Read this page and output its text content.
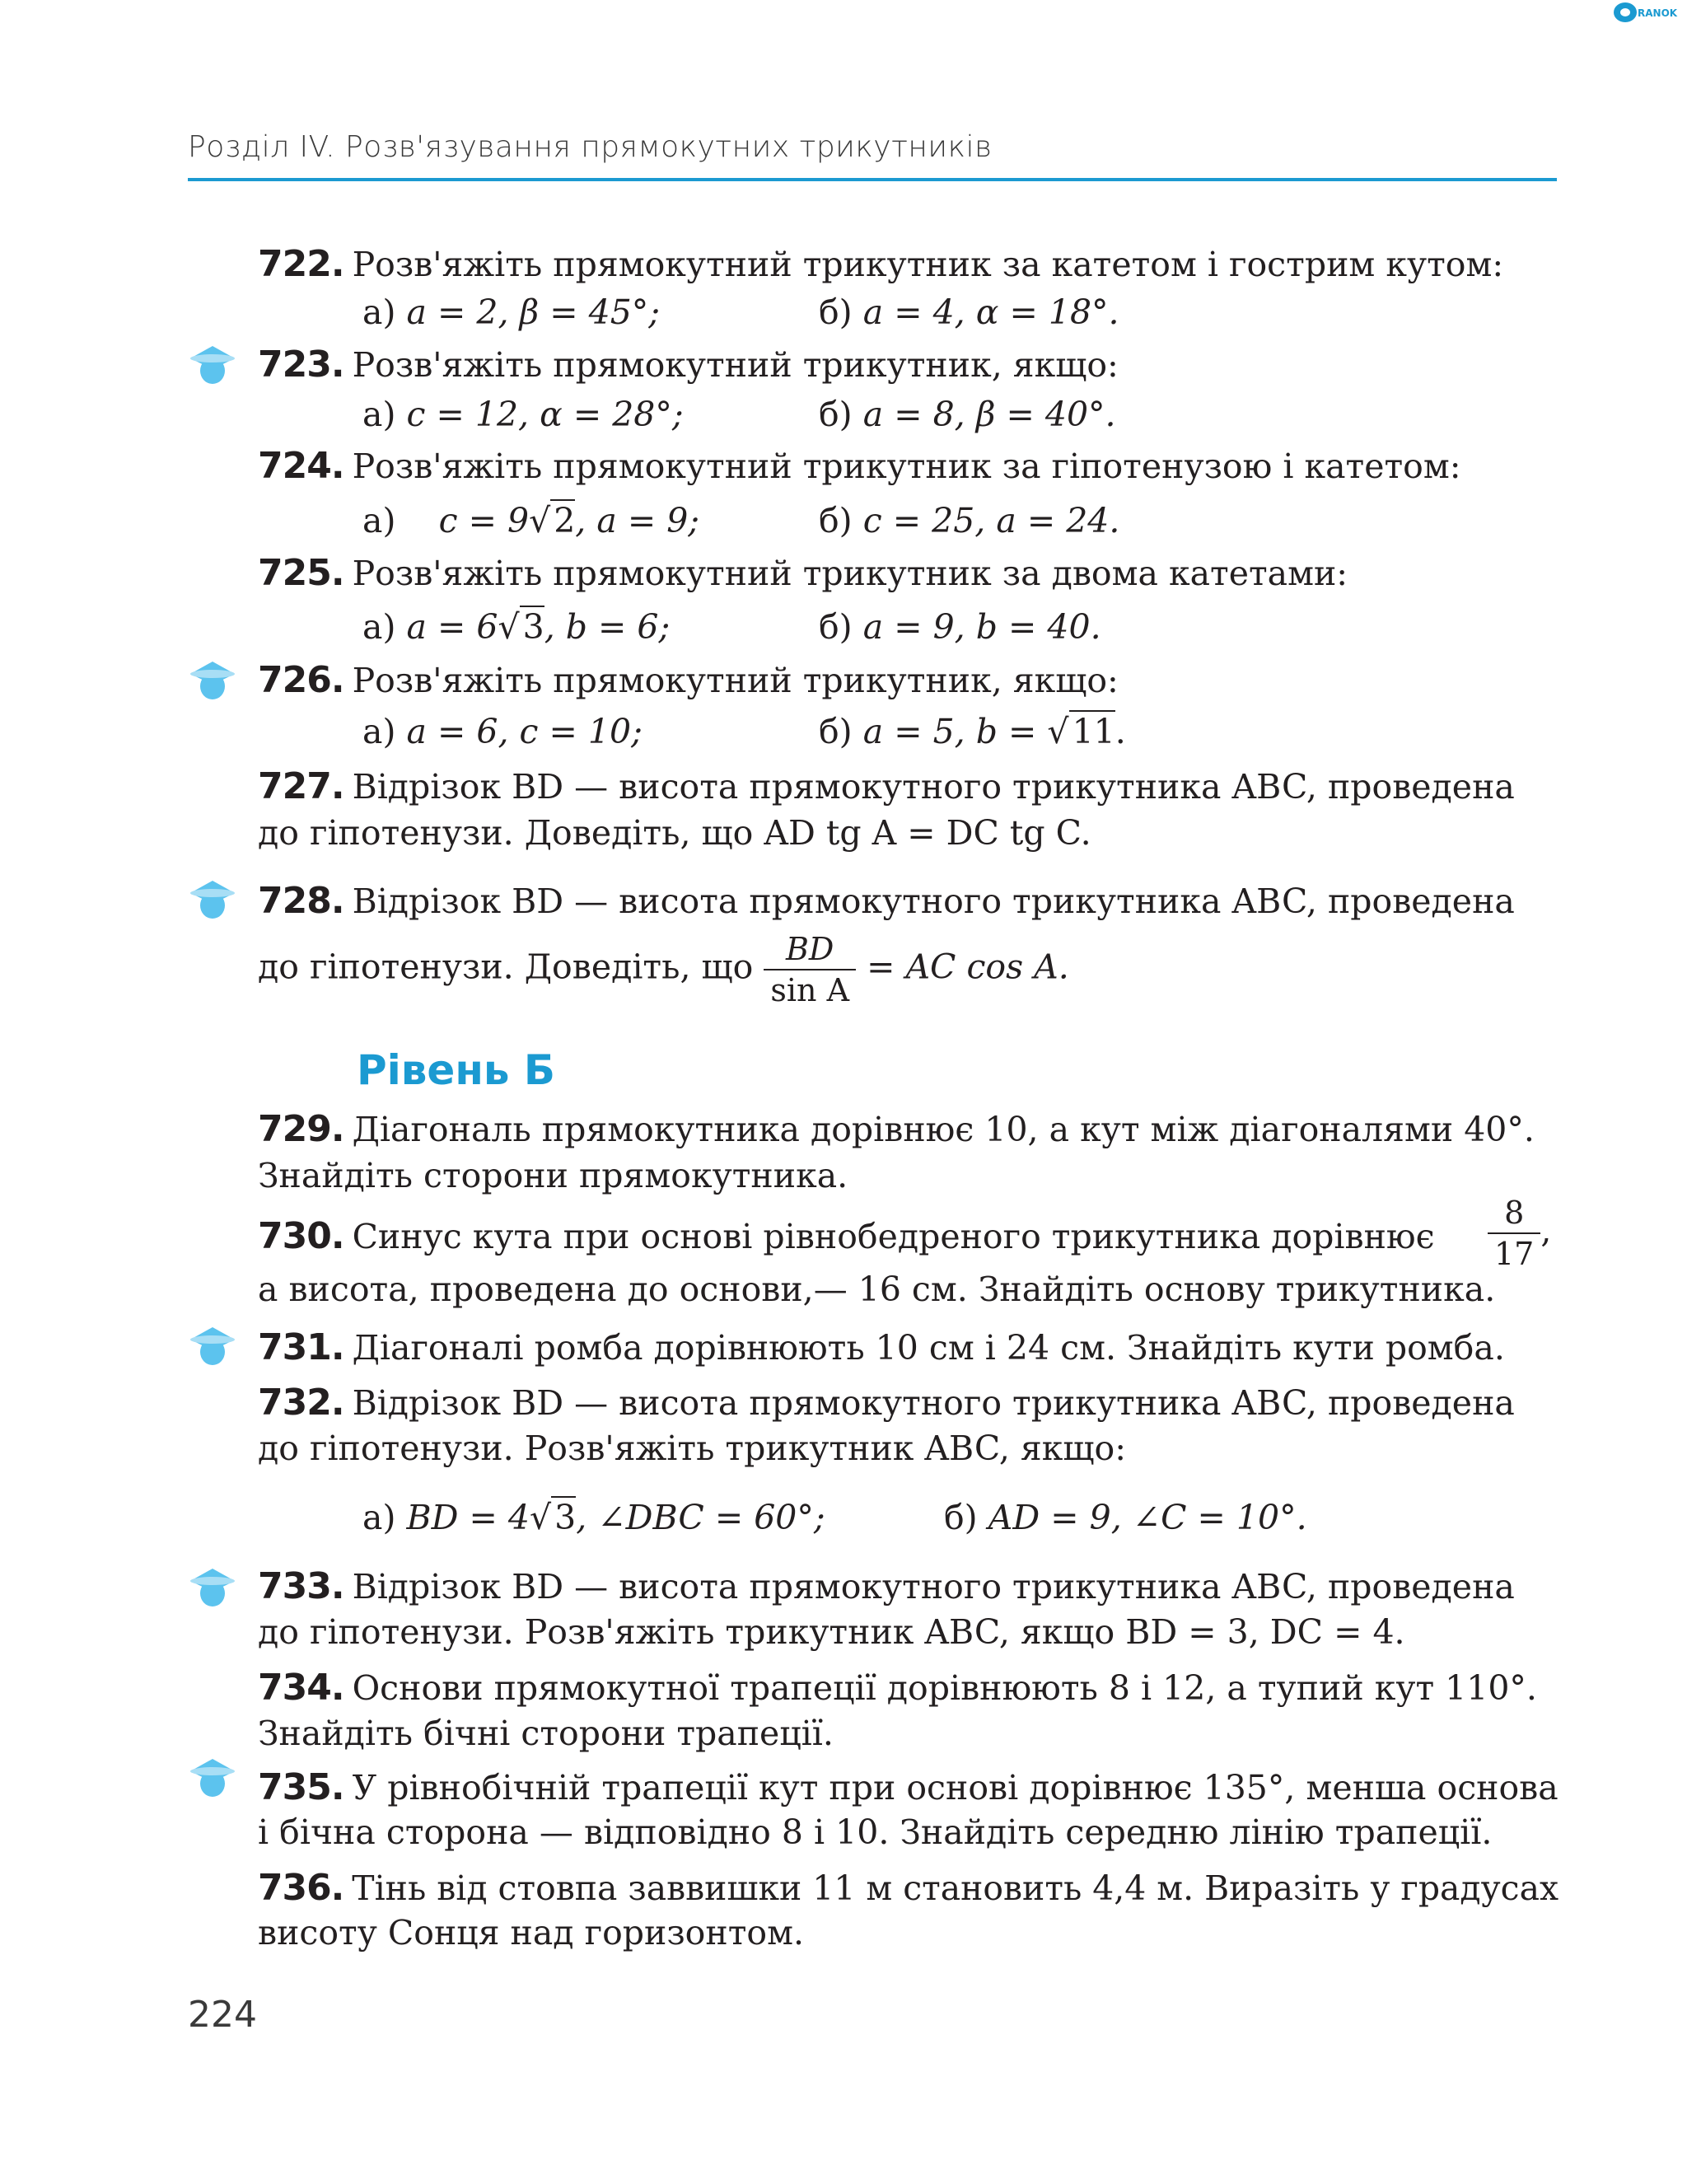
RANOK
Розділ IV. Розв'язування прямокутних трикутників
722. Розв'яжіть прямокутний трикутник за катетом і гострим кутом:
а) a = 2, β = 45°;	б) a = 4, α = 18°.
723. Розв'яжіть прямокутний трикутник, якщо:
а) c = 12, α = 28°;	б) a = 8, β = 40°.
724. Розв'яжіть прямокутний трикутник за гіпотенузою і катетом:
а) c = 9√2, a = 9;	б) c = 25, a = 24.
725. Розв'яжіть прямокутний трикутник за двома катетами:
а) a = 6√3, b = 6;	б) a = 9, b = 40.
726. Розв'яжіть прямокутний трикутник, якщо:
а) a = 6, c = 10;	б) a = 5, b = √11.
727. Відрізок BD — висота прямокутного трикутника ABC, проведена
до гіпотенузи. Доведіть, що AD tg A = DC tg C.
728. Відрізок BD — висота прямокутного трикутника ABC, проведена
до гіпотенузи. Доведіть, що $\frac{BD}{\text{sin A}}$ = AC cos A.
Рівень Б
729. Діагональ прямокутника дорівнює 10, а кут між діагоналями 40°.
Знайдіть сторони прямокутника.
730. Синус кута при основі рівнобедреного трикутника дорівнює $\frac{8}{17}$ ,
а висота, проведена до основи,— 16 см. Знайдіть основу трикутника.
731. Діагоналі ромба дорівнюють 10 см і 24 см. Знайдіть кути ромба.
732. Відрізок BD — висота прямокутного трикутника ABC, проведена
до гіпотенузи. Розв'яжіть трикутник ABC, якщо:
а) BD = 4√3, ∠DBC = 60°;	б) AD = 9, ∠C = 10°.
733. Відрізок BD — висота прямокутного трикутника ABC, проведена
до гіпотенузи. Розв'яжіть трикутник ABC, якщо BD = 3, DC = 4.
734. Основи прямокутної трапеції дорівнюють 8 і 12, а тупий кут 110°.
Знайдіть бічні сторони трапеції.
735. У рівнобічній трапеції кут при основі дорівнює 135°, менша основа
і бічна сторона — відповідно 8 і 10. Знайдіть середню лінію трапеції.
736. Тінь від стовпа заввишки 11 м становить 4,4 м. Виразіть у градусах
висоту Сонця над горизонтом.
224
